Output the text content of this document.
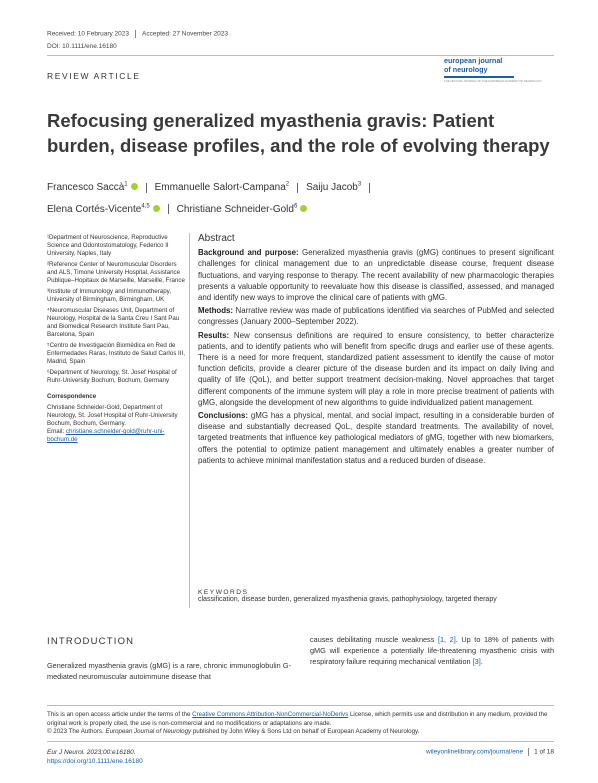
Received: 10 February 2023 Accepted: 27 November 2023
DOI: 10.1111/ene.16180
REVIEW ARTICLE
european journal
of neurology
THE OFFICIAL JOURNAL OF THE EUROPEAN ACADEMY OF NEUROLOGY
Refocusing generalized myasthenia gravis: Patient burden, disease profiles, and the role of evolving therapy
Francesco Saccà$^1$	Emmanuelle Salort-Campana$^2$ Saiju Jacob$^3$
Elena Cortés-Vicente$^{4,5}$	Christiane Schneider-Gold$^6$

¹Department of Neuroscience, Reproductive Science and Odontostomatology, Federico II University, Naples, Italy

²Reference Center of Neuromuscular Disorders and ALS, Timone University Hospital, Assistance Publique–Hopitaux de Marseille, Marseille, France

³Institute of Immunology and Immunotherapy, University of Birmingham, Birmingham, UK

⁴Neuromuscular Diseases Unit, Department of Neurology, Hospital de la Santa Creu I Sant Pau and Biomedical Research Institute Sant Pau, Barcelona, Spain

⁵Centro de Investigación Biomédica en Red de Enfermedades Raras, Instituto de Salud Carlos III, Madrid, Spain

⁶Department of Neurology, St. Josef Hospital of Ruhr-University Bochum, Bochum, Germany

Correspondence

Christiane Schneider-Gold, Department of Neurology, St. Josef Hospital of Ruhr-University Bochum, Bochum, Germany.
Email: christiane.schneider-gold@ruhr-uni-bochum.de

Abstract

Background and purpose: Generalized myasthenia gravis (gMG) continues to present significant challenges for clinical management due to an unpredictable disease course, frequent disease fluctuations, and varying response to therapy. The recent availability of new pharmacologic therapies presents a valuable opportunity to reevaluate how this disease is classified, assessed, and managed and identify new ways to improve the clinical care of patients with gMG.

Methods: Narrative review was made of publications identified via searches of PubMed and selected congresses (January 2000–September 2022).

Results: New consensus definitions are required to ensure consistency, to better characterize patients, and to identify patients who will benefit from specific drugs and earlier use of these agents. There is a need for more frequent, standardized patient assessment to identify the cause of motor function deficits, provide a clearer picture of the disease burden and its impact on daily living and quality of life (QoL), and better support treatment decision-making. Novel approaches that target different components of the immune system will play a role in more precise treatment of patients with gMG, alongside the development of new algorithms to guide individualized patient management.

Conclusions: gMG has a physical, mental, and social impact, resulting in a considerable burden of disease and substantially decreased QoL, despite standard treatments. The availability of novel, targeted treatments that influence key pathological mediators of gMG, together with new biomarkers, offers the potential to optimize patient management and ultimately enables a greater number of patients to achieve minimal manifestation status and a reduced burden of disease.

KEYWORDS

classification, disease burden, generalized myasthenia gravis, pathophysiology, targeted therapy

INTRODUCTION
Generalized myasthenia gravis (gMG) is a rare, chronic immunoglobulin G-mediated neuromuscular autoimmune disease that
causes debilitating muscle weakness [1, 2]. Up to 18% of patients with gMG will experience a potentially life-threatening myasthenic crisis with respiratory failure requiring mechanical ventilation [3].
This is an open access article under the terms of the Creative Commons Attribution-NonCommercial-NoDerivs License, which permits use and distribution in any medium, provided the original work is properly cited, the use is non-commercial and no modifications or adaptations are made.
© 2023 The Authors. European Journal of Neurology published by John Wiley & Sons Ltd on behalf of European Academy of Neurology.
Eur J Neurol. 2023;00:e16180.
https://doi.org/10.1111/ene.16180
wileyonlinelibrary.com/journal/ene 1 of 18
